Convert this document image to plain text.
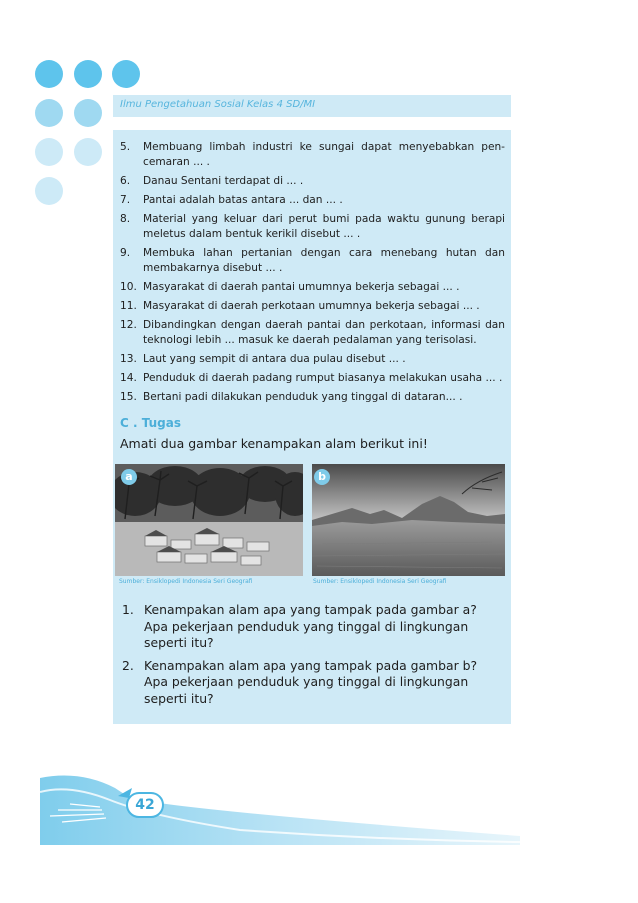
Ilmu Pengetahuan Sosial Kelas 4 SD/MI
5. Membuang limbah industri ke sungai dapat menyebabkan pen- cemaran ... .
6. Danau Sentani terdapat di ... .
7. Pantai adalah batas antara ... dan ... .
8. Material yang keluar dari perut bumi pada waktu gunung berapi meletus dalam bentuk kerikil disebut ... .
9. Membuka lahan pertanian dengan cara menebang hutan dan membakarnya disebut ... .
10. Masyarakat di daerah pantai umumnya bekerja sebagai ... .
11. Masyarakat di daerah perkotaan umumnya bekerja sebagai ... .
12. Dibandingkan dengan daerah pantai dan perkotaan, informasi dan teknologi lebih ... masuk ke daerah pedalaman yang terisolasi.
13. Laut yang sempit di antara dua pulau disebut ... .
14. Penduduk di daerah padang rumput biasanya melakukan usaha ... .
15. Bertani padi dilakukan penduduk yang tinggal di dataran... .
C . Tugas
Amati dua gambar kenampakan alam berikut ini!
a
Sumber: Ensiklopedi Indonesia Seri Geografi
b
Sumber: Ensiklopedi Indonesia Seri Geografi
1. Kenampakan alam apa yang tampak pada gambar a?
Apa pekerjaan penduduk yang tinggal di lingkungan seperti itu?
2. Kenampakan alam apa yang tampak pada gambar b?
Apa pekerjaan penduduk yang tinggal di lingkungan seperti itu?
42
